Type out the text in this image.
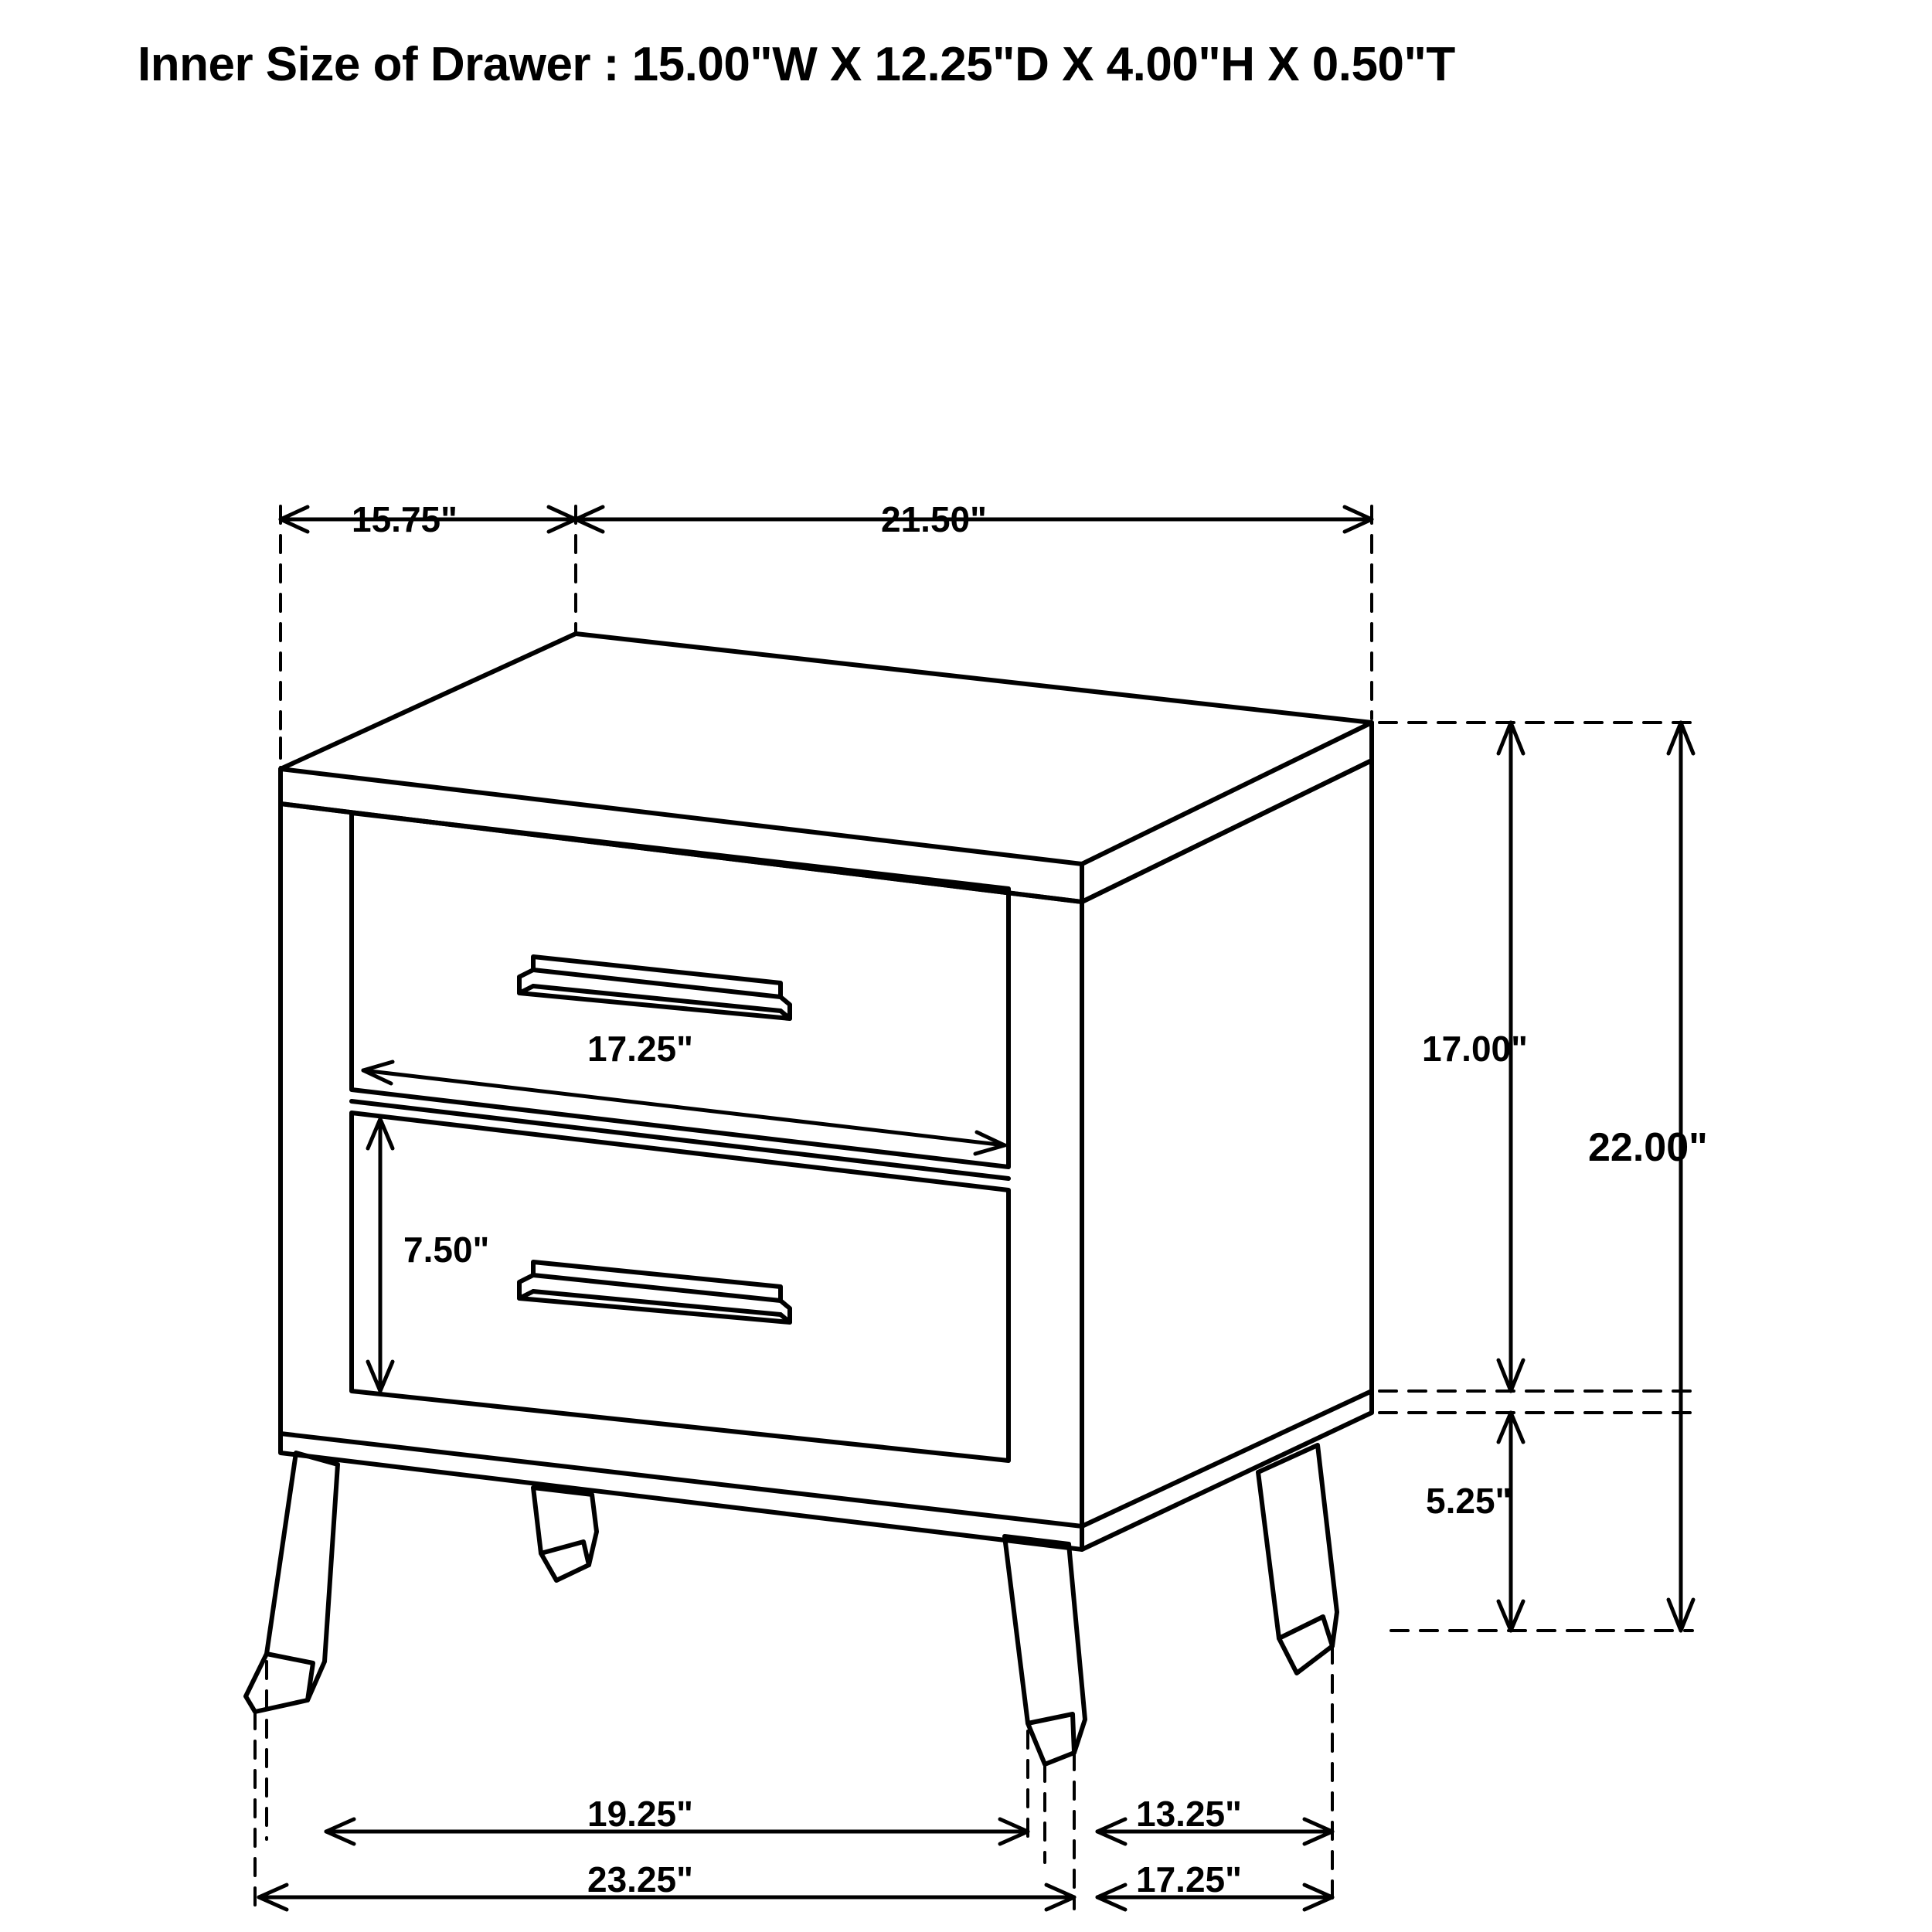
Inner Size of Drawer : 15.00"W X 12.25"D X 4.00"H X 0.50"T
15.75"	21.50"
17.25"
7.50"
17.00"
22.00"
5.25"
19.25"	13.25"
23.25"	17.25"
